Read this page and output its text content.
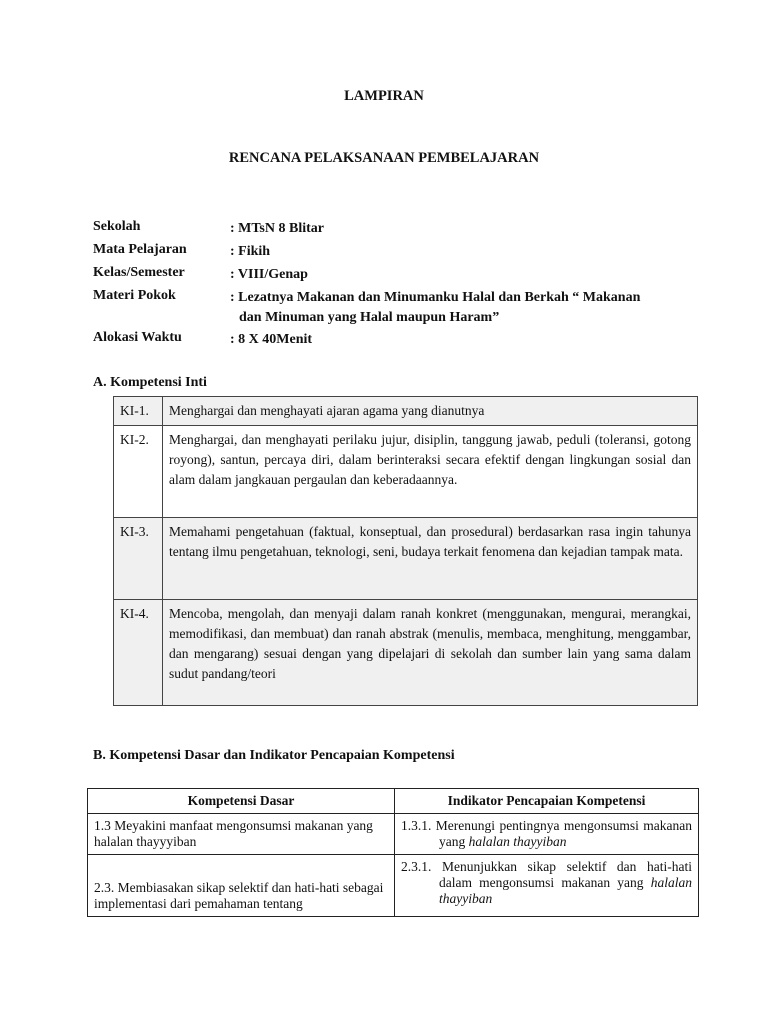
LAMPIRAN
RENCANA PELAKSANAAN PEMBELAJARAN
Sekolah	: MTsN 8 Blitar
Mata Pelajaran	: Fikih
Kelas/Semester	: VIII/Genap
Materi Pokok	: Lezatnya Makanan dan Minumanku Halal dan Berkah “ Makanan
dan Minuman yang Halal maupun Haram”
Alokasi Waktu	: 8 X 40Menit
A. Kompetensi Inti
KI-1.	Menghargai dan menghayati ajaran agama yang dianutnya
KI-2.	Menghargai, dan menghayati perilaku jujur, disiplin, tanggung jawab, peduli (toleransi, gotong royong), santun, percaya diri, dalam berinteraksi secara efektif dengan lingkungan sosial dan alam dalam jangkauan pergaulan dan keberadaannya.
KI-3.	Memahami pengetahuan (faktual, konseptual, dan prosedural) berdasarkan rasa ingin tahunya tentang ilmu pengetahuan, teknologi, seni, budaya terkait fenomena dan kejadian tampak mata.
KI-4.	Mencoba, mengolah, dan menyaji dalam ranah konkret (menggunakan, mengurai, merangkai, memodifikasi, dan membuat) dan ranah abstrak (menulis, membaca, menghitung, menggambar, dan mengarang) sesuai dengan yang dipelajari di sekolah dan sumber lain yang sama dalam sudut pandang/teori
B. Kompetensi Dasar dan Indikator Pencapaian Kompetensi
Kompetensi Dasar	Indikator Pencapaian Kompetensi
1.3 Meyakini manfaat mengonsumsi makanan yang halalan thayyyiban	1.3.1. Merenungi pentingnya mengonsumsi makanan yang halalan thayyiban

2.3. Membiasakan sikap selektif dan hati-hati sebagai implementasi dari pemahaman tentang	2.3.1. Menunjukkan sikap selektif dan hati-hati dalam mengonsumsi makanan yang halalan thayyiban
